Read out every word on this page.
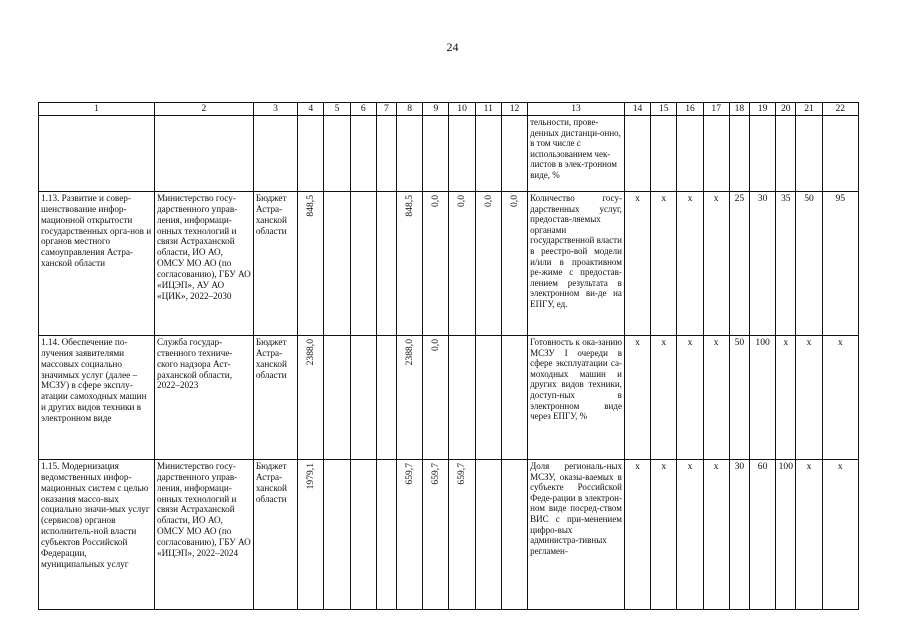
24
1	2	3	4	5	6	7	8	9	10	11	12	13	14	15	16	17	18	19	20	21	22
												тельности, прове-денных дистанци-онно, в том числе с использованием чек-листов в элек-тронном виде, %									
1.13. Развитие и совер-шенствование инфор-мационной открытости государственных орга-нов и органов местного самоуправления Астра-ханской области	Министерство госу-дарственного управ-ления, информаци-онных технологий и связи Астраханской области, ИО АО, ОМСУ МО АО (по согласованию), ГБУ АО «ИЦЭП», АУ АО «ЦИК», 2022–2030	Бюджет Астра-ханской области	848,5				848,5	0,0	0,0	0,0	0,0	Количество госу-дарственных услуг, предостав-ляемых органами государственной власти в реестро-вой модели и/или в проактивном ре-жиме с предостав-лением результата в электронном ви-де на ЕПГУ, ед.	x	x	x	x	25	30	35	50	95
1.14. Обеспечение по-лучения заявителями массовых социально значимых услуг (далее – МСЗУ) в сфере эксплу-атации самоходных машин и других видов техники в электронном виде	Служба государ-ственного техниче-ского надзора Аст-раханской области, 2022–2023	Бюджет Астра-ханской области	2388,0				2388,0	0,0				Готовность к ока-занию МСЗУ I очереди в сфере эксплуатации са-моходных машин и других видов техники, доступ-ных в электронном виде через ЕПГУ, %	x	x	x	x	50	100	x	x	x
1.15. Модернизация ведомственных инфор-мационных систем с целью оказания массо-вых социально значи-мых услуг (сервисов) органов исполнитель-ной власти субъектов Российской Федерации, муниципальных услуг	Министерство госу-дарственного управ-ления, информаци-онных технологий и связи Астраханской области, ИО АО, ОМСУ МО АО (по согласованию), ГБУ АО «ИЦЭП», 2022–2024	Бюджет Астра-ханской области	1979,1				659,7	659,7	659,7			Доля региональ-ных МСЗУ, оказы-ваемых в субъекте Российской Феде-рации в электрон-ном виде посред-ством ВИС с при-менением цифро-вых администра-тивных регламен-	x	x	x	x	30	60	100	x	x
